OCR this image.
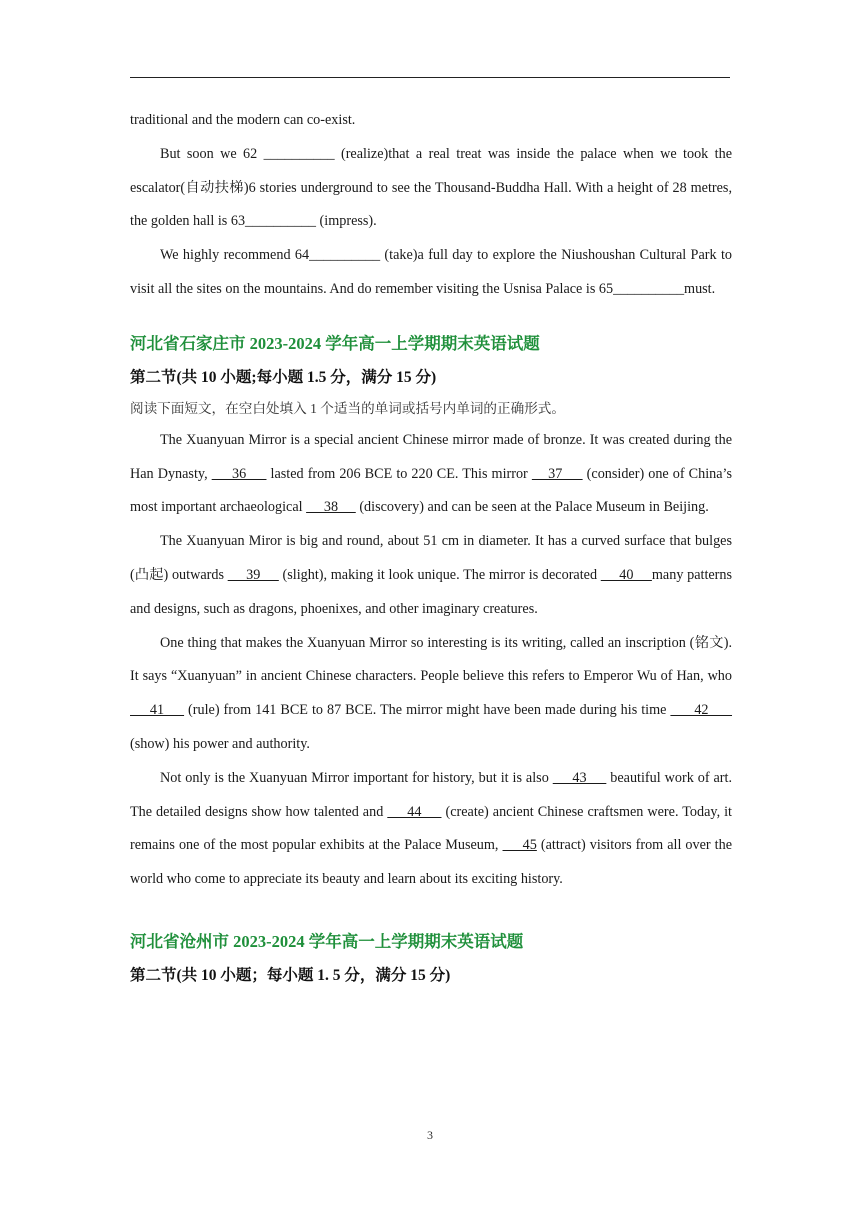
traditional and the modern can co-exist.

But soon we 62 __________ (realize)that a real treat was inside the palace when we took the escalator(自动扶梯)6 stories underground to see the Thousand-Buddha Hall. With a height of 28 metres, the golden hall is 63__________ (impress).

We highly recommend 64__________ (take)a full day to explore the Niushoushan Cultural Park to visit all the sites on the mountains. And do remember visiting the Usnisa Palace is 65__________must.

河北省石家庄市 2023-2024 学年高一上学期期末英语试题

第二节(共 10 小题;每小题 1.5 分，满分 15 分)

阅读下面短文，在空白处填入 1 个适当的单词或括号内单词的正确形式。

The Xuanyuan Mirror is a special ancient Chinese mirror made of bronze. It was created during the Han Dynasty,      36      lasted from 206 BCE to 220 CE. This mirror     37      (consider) one of China’s most important archaeological      38      (discovery) and can be seen at the Palace Museum in Beijing.

The Xuanyuan Miror is big and round, about 51 cm in diameter. It has a curved surface that bulges (凸起) outwards      39      (slight), making it look unique. The mirror is decorated      40     many patterns and designs, such as dragons, phoenixes, and other imaginary creatures.

One thing that makes the Xuanyuan Mirror so interesting is its writing, called an inscription (铭文). It says “Xuanyuan” in ancient Chinese characters. People believe this refers to Emperor Wu of Han, who      41      (rule) from 141 BCE to 87 BCE. The mirror might have been made during his time       42       (show) his power and authority.

Not only is the Xuanyuan Mirror important for history, but it is also      43      beautiful work of art. The detailed designs show how talented and      44      (create) ancient Chinese craftsmen were. Today, it remains one of the most popular exhibits at the Palace Museum,      45 (attract) visitors from all over the world who come to appreciate its beauty and learn about its exciting history.

河北省沧州市 2023-2024 学年高一上学期期末英语试题

第二节(共 10 小题；每小题 1. 5 分，满分 15 分)

3
